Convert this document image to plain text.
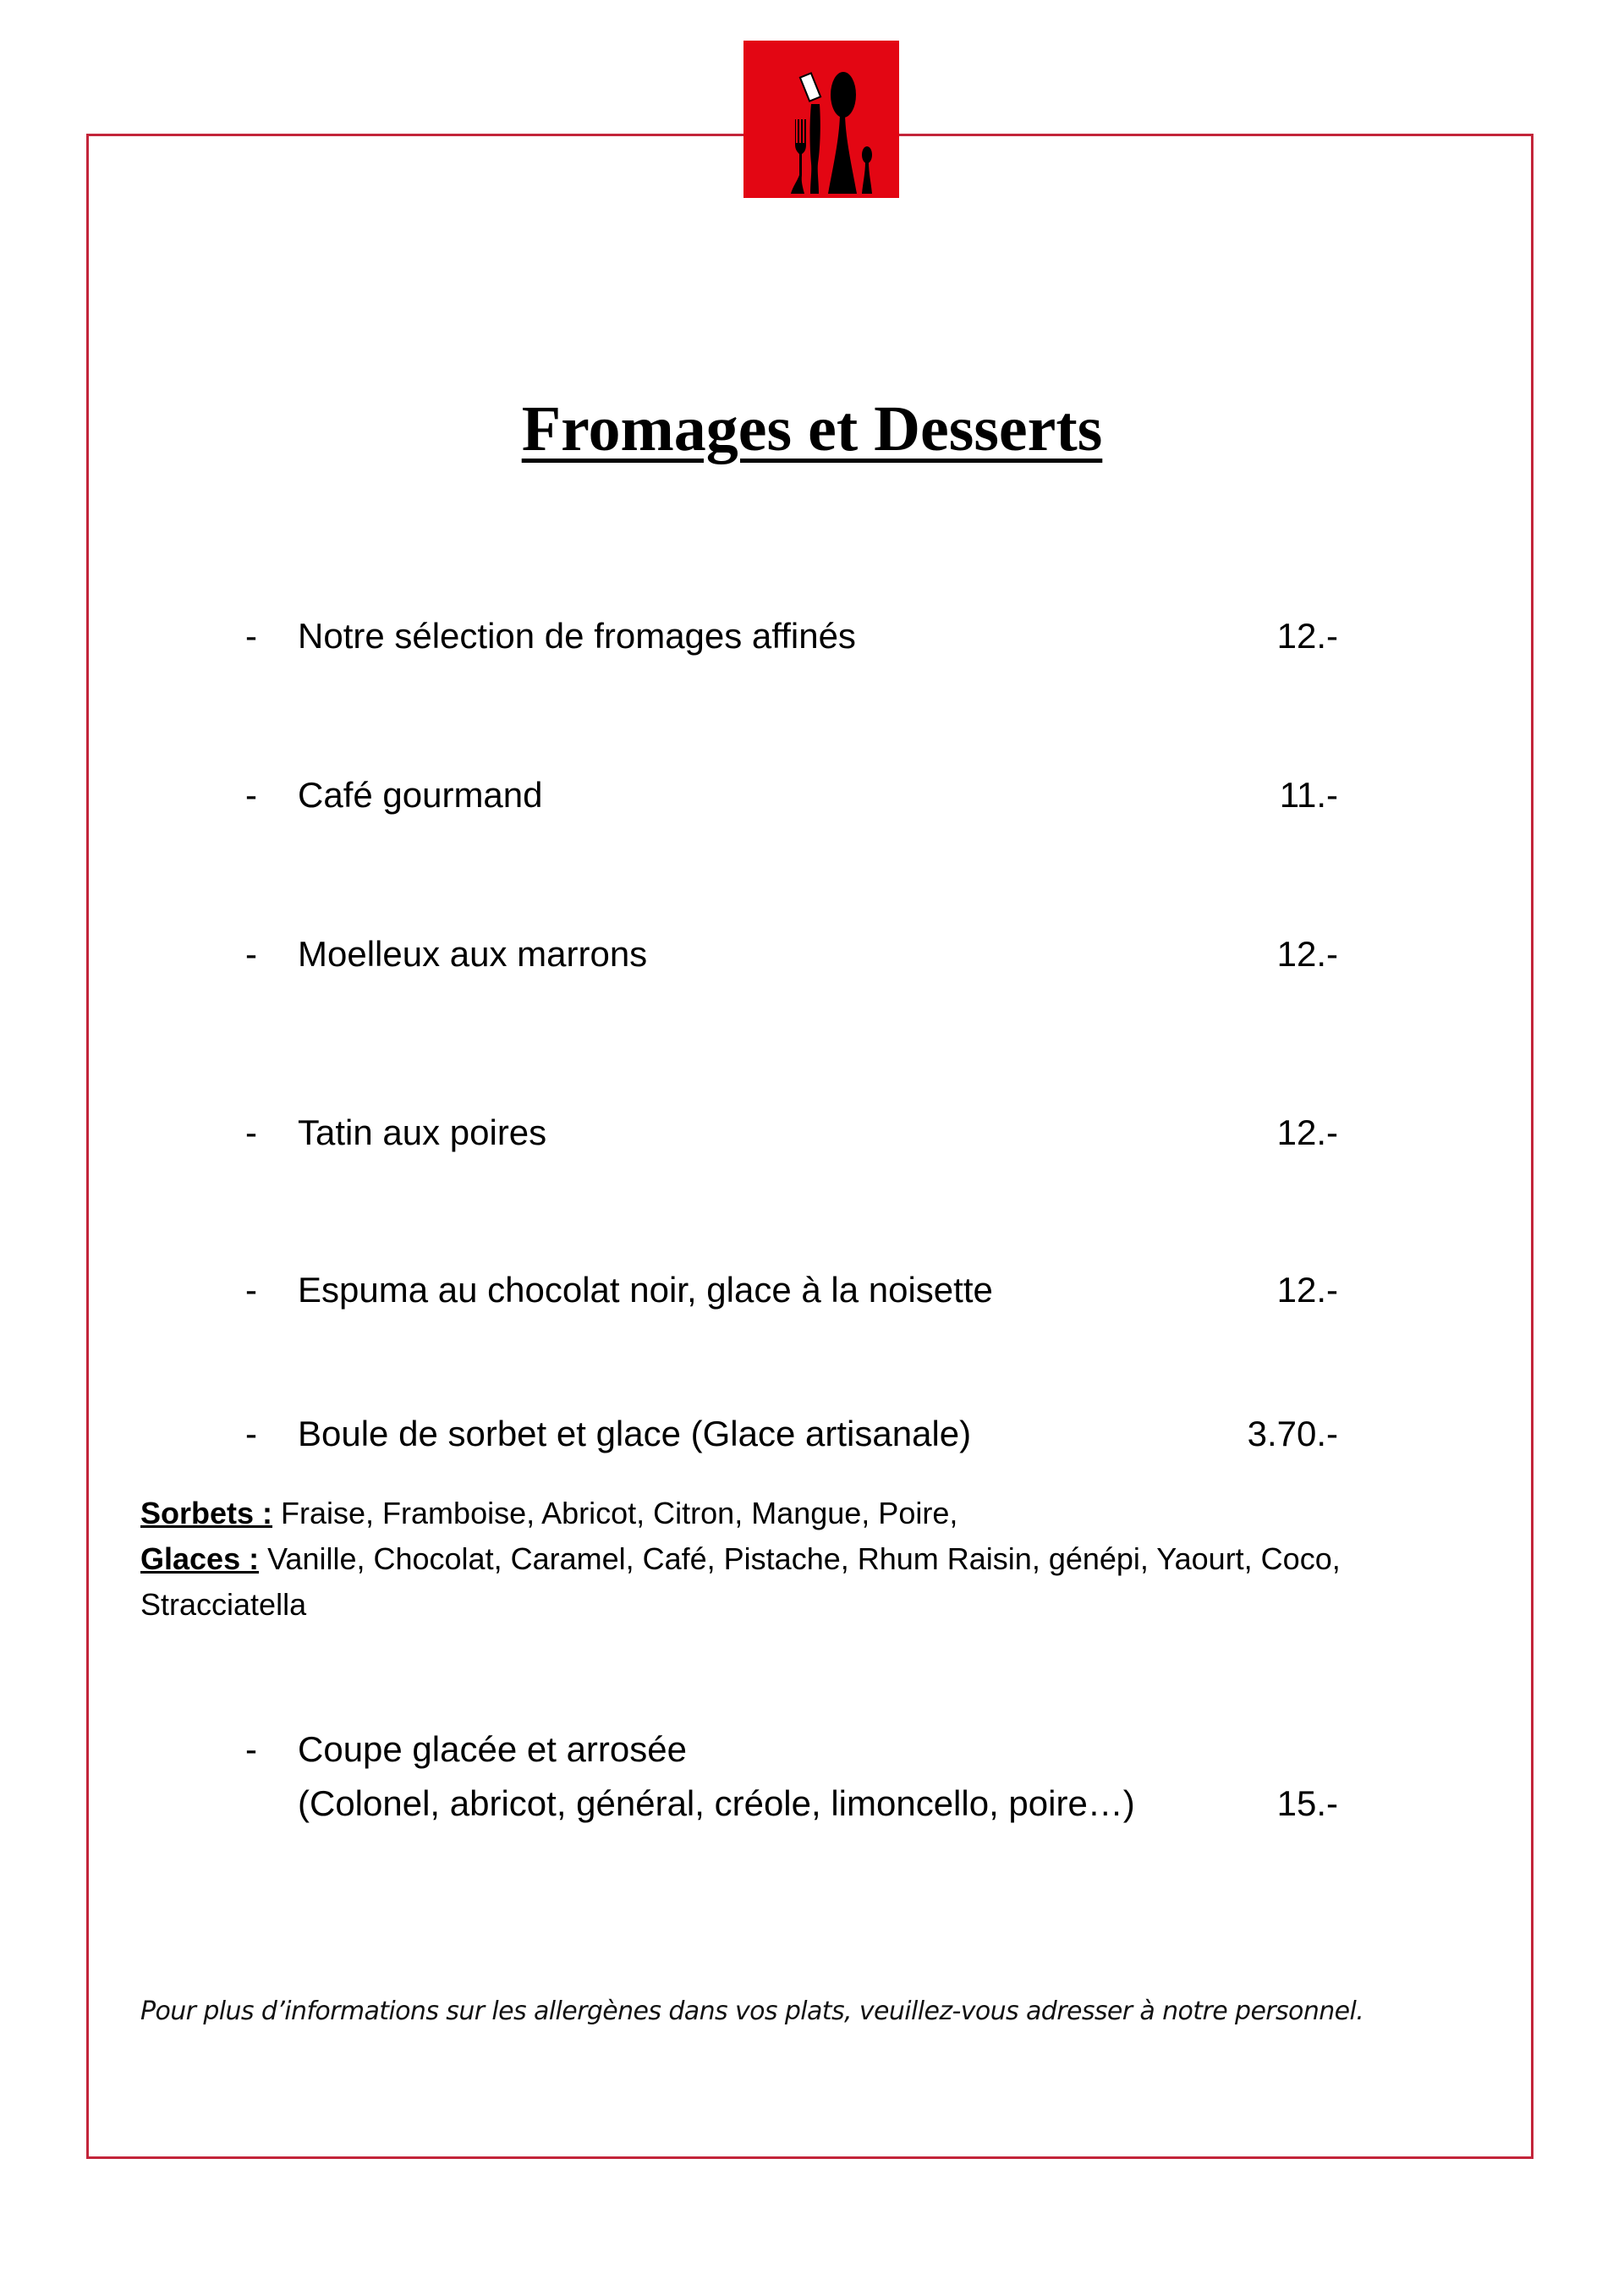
Fromages et Desserts
- Notre sélection de fromages affinés	12.-
- Café gourmand	11.-
- Moelleux aux marrons	12.-
- Tatin aux poires	12.-
- Espuma au chocolat noir, glace à la noisette	12.-
- Boule de sorbet et glace (Glace artisanale)	3.70.-
Sorbets : Fraise, Framboise, Abricot, Citron, Mangue, Poire,
Glaces : Vanille, Chocolat, Caramel, Café, Pistache, Rhum Raisin, génépi, Yaourt, Coco, Stracciatella
- Coupe glacée et arrosée
(Colonel, abricot, général, créole, limoncello, poire…)	15.-
Pour plus d’informations sur les allergènes dans vos plats, veuillez-vous adresser à notre personnel.
